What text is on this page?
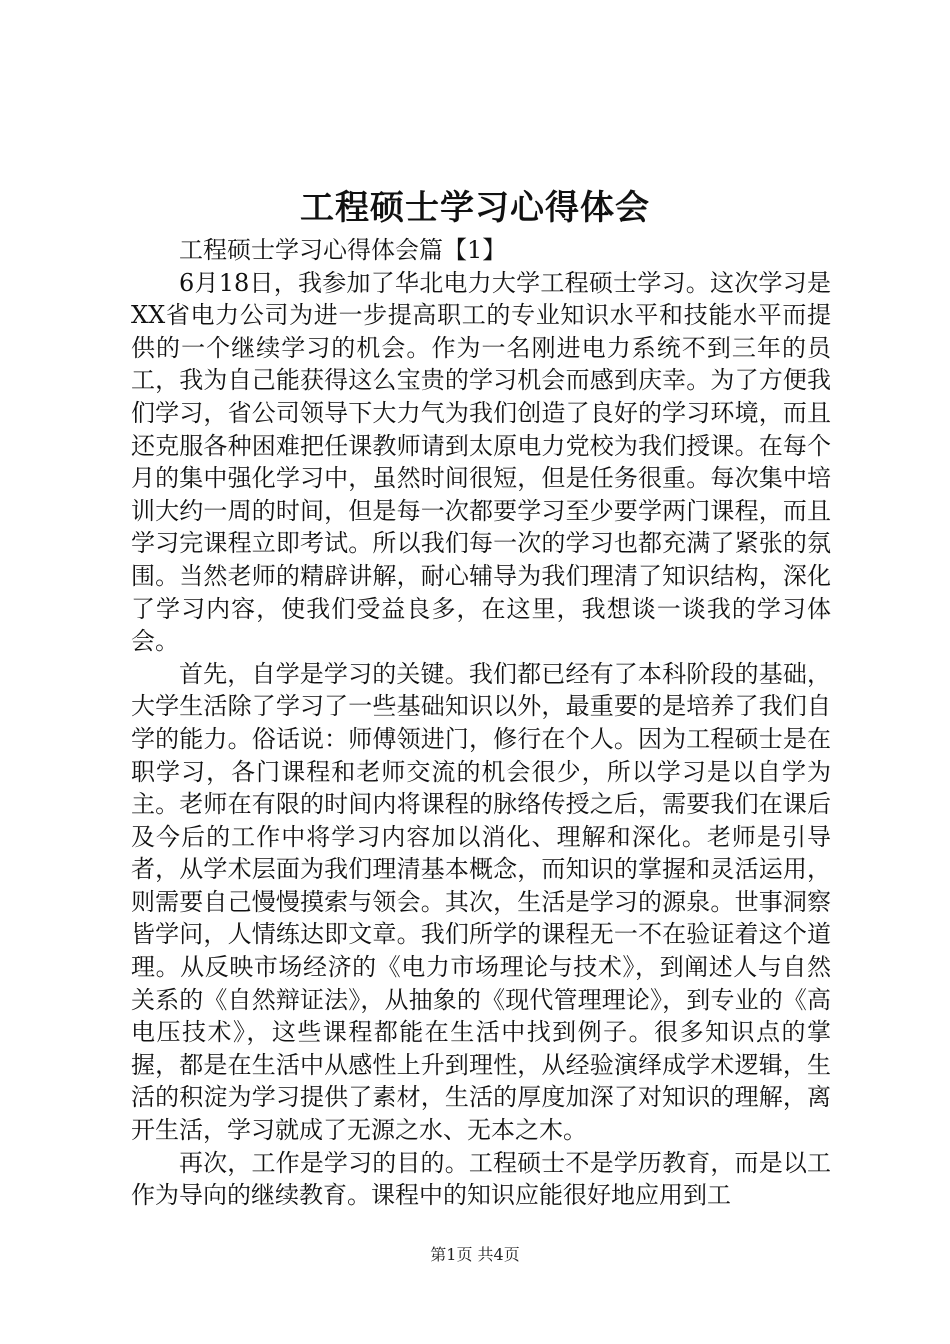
工程硕士学习心得体会

工程硕士学习心得体会篇【1】

6月18日，我参加了华北电力大学工程硕士学习。这次学习是XX省电力公司为进一步提高职工的专业知识水平和技能水平而提供的一个继续学习的机会。作为一名刚进电力系统不到三年的员工，我为自己能获得这么宝贵的学习机会而感到庆幸。为了方便我们学习，省公司领导下大力气为我们创造了良好的学习环境，而且还克服各种困难把任课教师请到太原电力党校为我们授课。在每个月的集中强化学习中，虽然时间很短，但是任务很重。每次集中培训大约一周的时间，但是每一次都要学习至少要学两门课程，而且学习完课程立即考试。所以我们每一次的学习也都充满了紧张的氛围。当然老师的精辟讲解，耐心辅导为我们理清了知识结构，深化了学习内容，使我们受益良多，在这里，我想谈一谈我的学习体会。

首先，自学是学习的关键。我们都已经有了本科阶段的基础，大学生活除了学习了一些基础知识以外，最重要的是培养了我们自学的能力。俗话说：师傅领进门，修行在个人。因为工程硕士是在职学习，各门课程和老师交流的机会很少，所以学习是以自学为主。老师在有限的时间内将课程的脉络传授之后，需要我们在课后及今后的工作中将学习内容加以消化、理解和深化。老师是引导者，从学术层面为我们理清基本概念，而知识的掌握和灵活运用，则需要自己慢慢摸索与领会。其次，生活是学习的源泉。世事洞察皆学问，人情练达即文章。我们所学的课程无一不在验证着这个道理。从反映市场经济的《电力市场理论与技术》，到阐述人与自然关系的《自然辩证法》，从抽象的《现代管理理论》，到专业的《高电压技术》，这些课程都能在生活中找到例子。很多知识点的掌握，都是在生活中从感性上升到理性，从经验演绎成学术逻辑，生活的积淀为学习提供了素材，生活的厚度加深了对知识的理解，离开生活，学习就成了无源之水、无本之木。

再次，工作是学习的目的。工程硕士不是学历教育，而是以工作为导向的继续教育。课程中的知识应能很好地应用到工

第1页 共4页
